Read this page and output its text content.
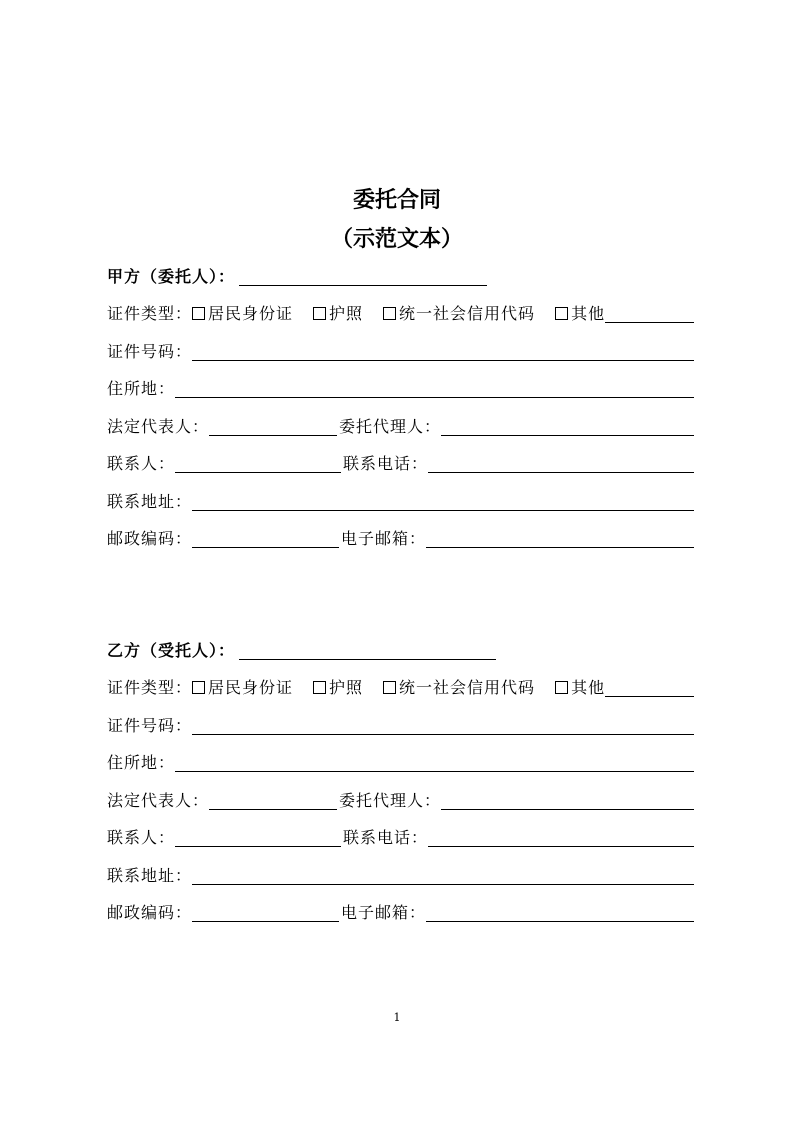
委托合同
（示范文本）
甲方（委托人）：
证件类型：	居民身份证	护照	统一社会信用代码	其他
证件号码：
住所地：
法定代表人：	委托代理人：
联系人：	联系电话：
联系地址：
邮政编码：	电子邮箱：
乙方（受托人）：
证件类型：	居民身份证	护照	统一社会信用代码	其他
证件号码：
住所地：
法定代表人：	委托代理人：
联系人：	联系电话：
联系地址：
邮政编码：	电子邮箱：
1
